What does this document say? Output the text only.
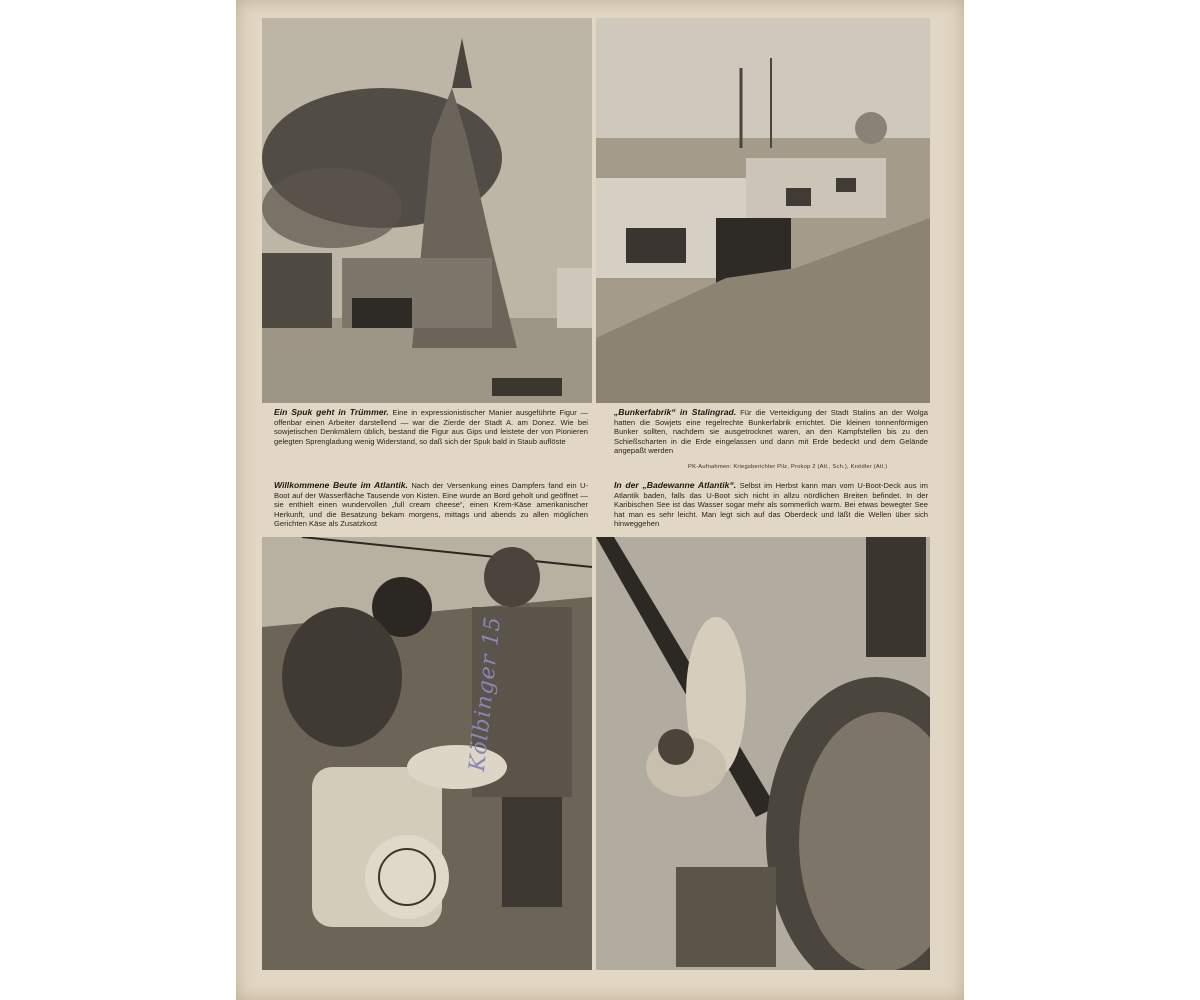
Ein Spuk geht in Trümmer. Eine in expressionistischer Manier ausgeführte Figur — offenbar einen Arbeiter darstellend — war die Zierde der Stadt A. am Donez. Wie bei sowjetischen Denkmälern üblich, bestand die Figur aus Gips und leistete der von Pionieren gelegten Sprengladung wenig Widerstand, so daß sich der Spuk bald in Staub auflöste
„Bunkerfabrik“ in Stalingrad. Für die Verteidigung der Stadt Stalins an der Wolga hatten die Sowjets eine regelrechte Bunkerfabrik errichtet. Die kleinen tonnenförmigen Bunker sollten, nachdem sie ausgetrocknet waren, an den Kampfstellen bis zu den Schießscharten in die Erde eingelassen und dann mit Erde bedeckt und dem Gelände angepaßt werden
PK-Aufnahmen: Kriegsberichter Pilz, Prokop 2 (Atl., Sch.), Knödler (Atl.)
Willkommene Beute im Atlantik. Nach der Versenkung eines Dampfers fand ein U-Boot auf der Wasserfläche Tausende von Kisten. Eine wurde an Bord geholt und geöffnet — sie enthielt einen wundervollen „full cream cheese“, einen Krem-Käse amerikanischer Herkunft, und die Besatzung bekam morgens, mittags und abends zu allen möglichen Gerichten Käse als Zusatzkost
In der „Badewanne Atlantik“. Selbst im Herbst kann man vom U-Boot-Deck aus im Atlantik baden, falls das U-Boot sich nicht in allzu nördlichen Breiten befindet. In der Karibischen See ist das Wasser sogar mehr als sommerlich warm. Bei etwas bewegter See hat man es sehr leicht. Man legt sich auf das Oberdeck und läßt die Wellen über sich hinweggehen
Kölbinger 15
